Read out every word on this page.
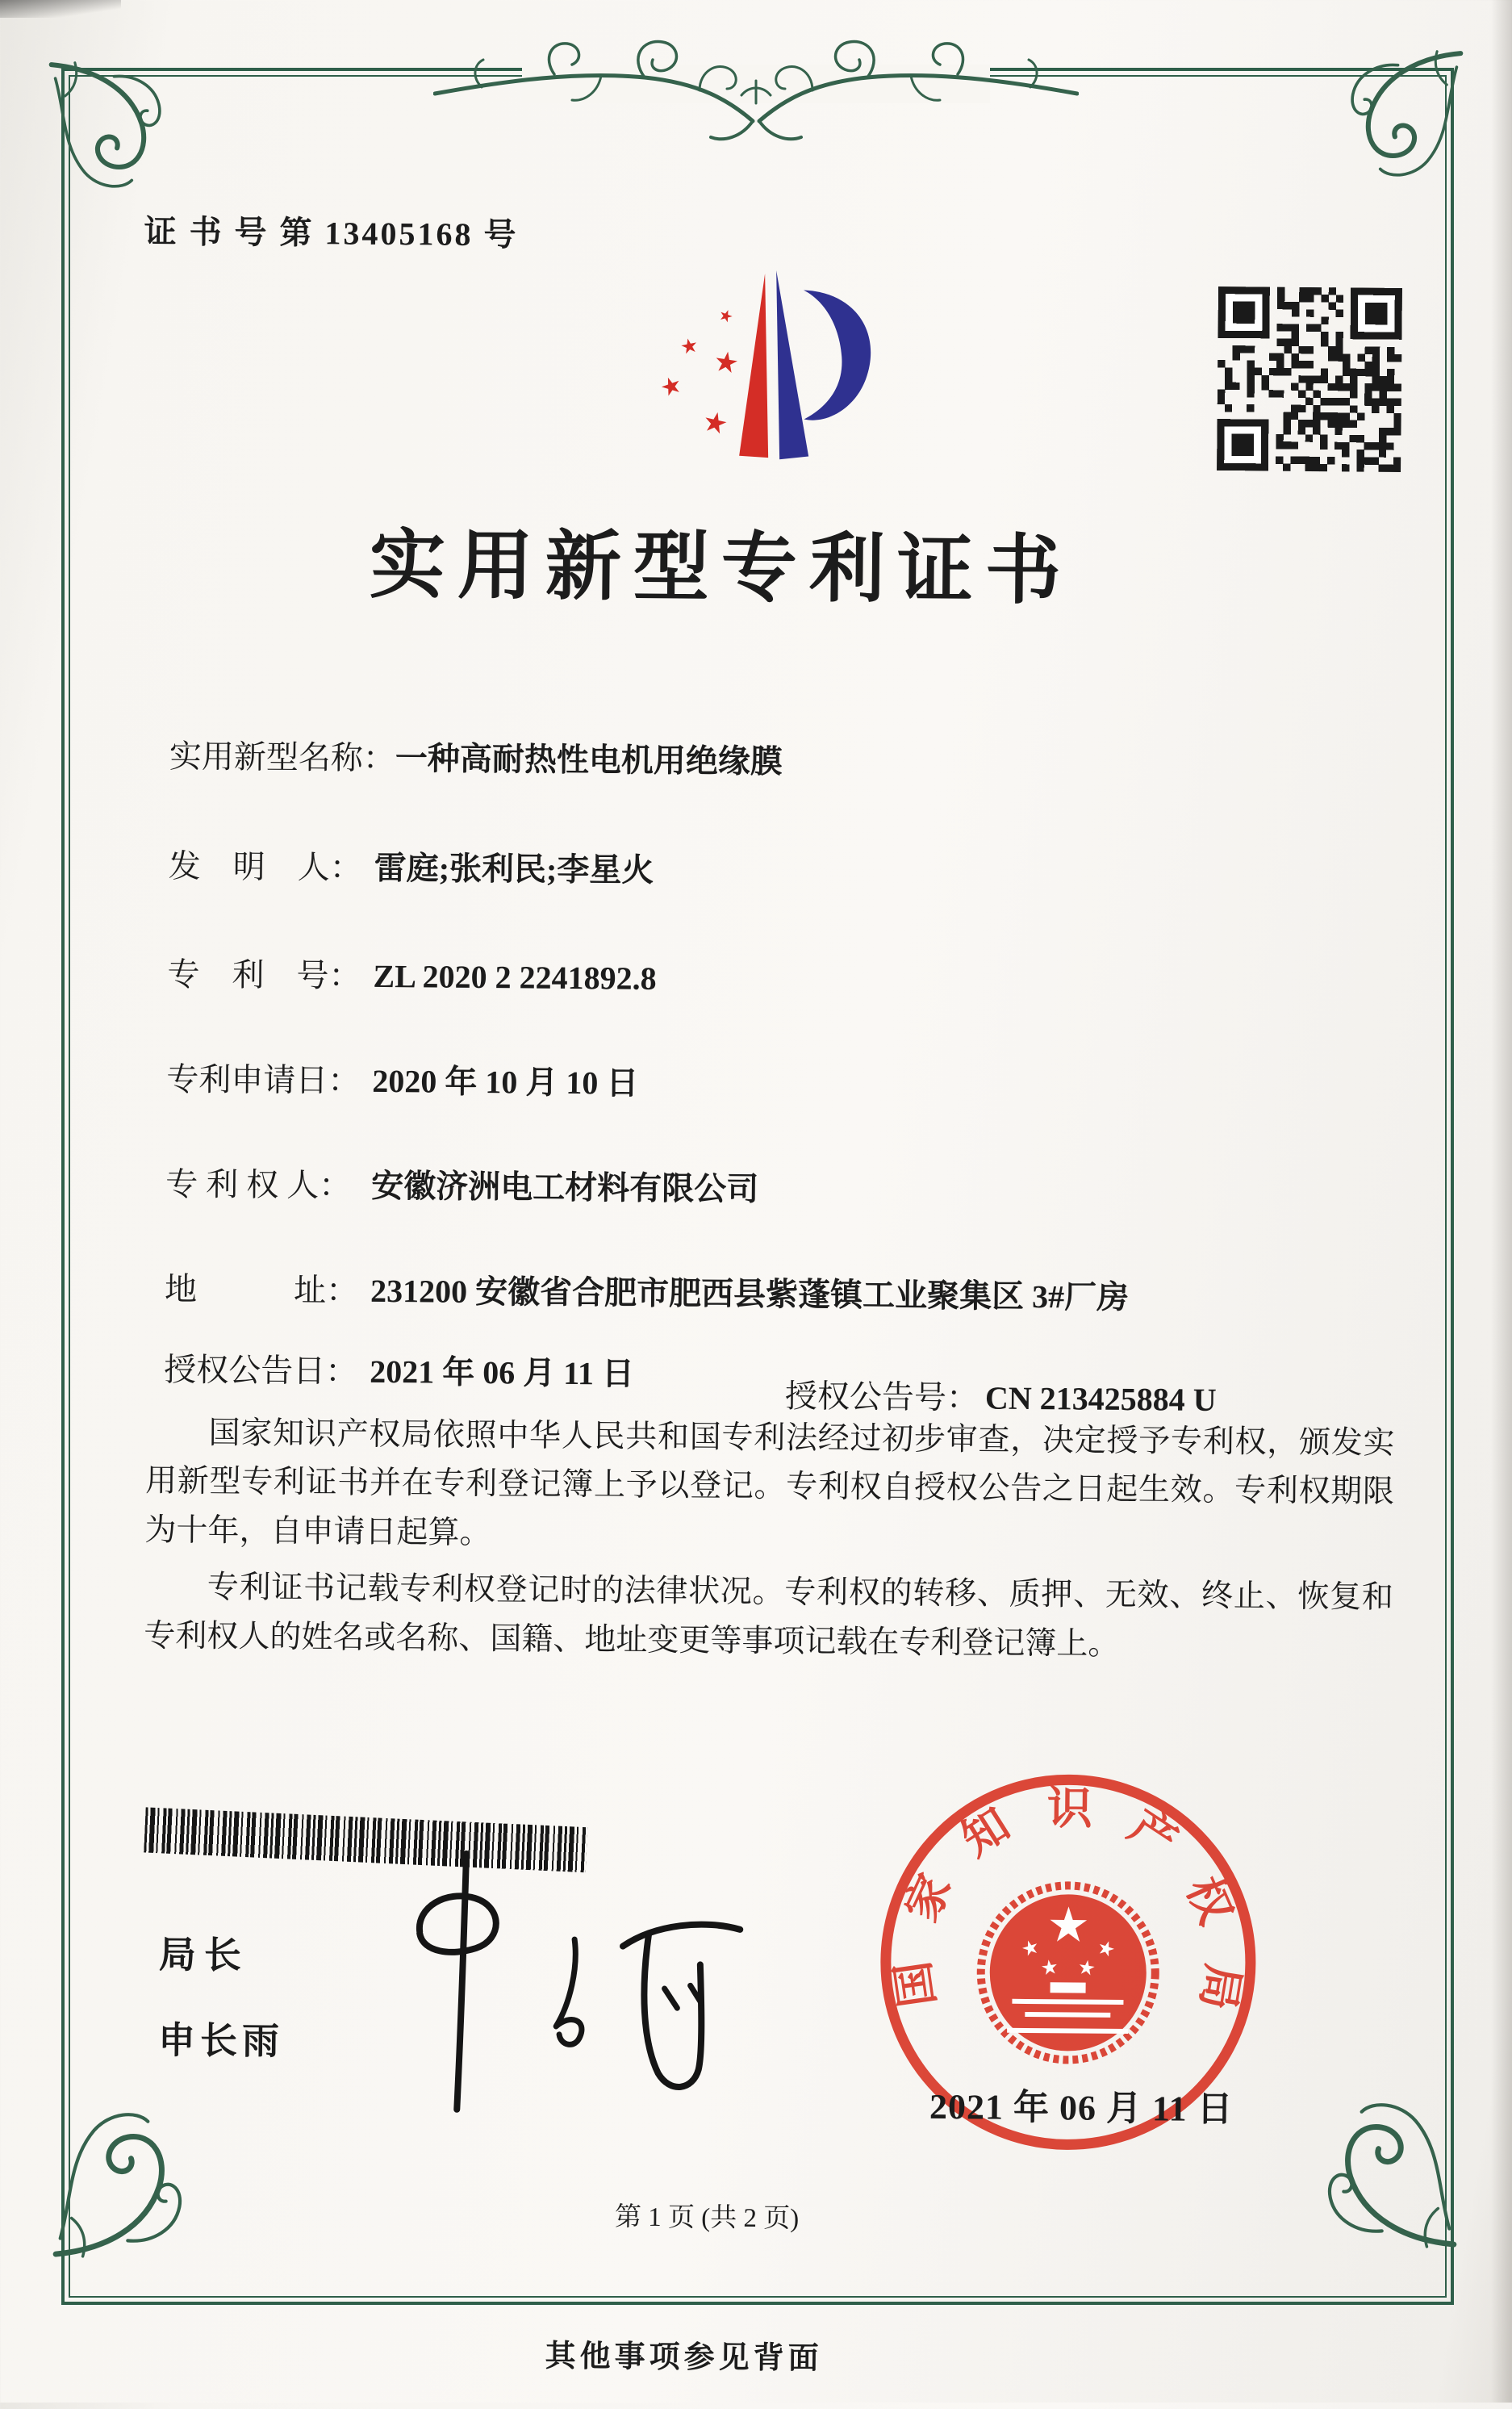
证 书 号 第 13405168 号
实用新型专利证书
实用新型名称：一种高耐热性电机用绝缘膜
发　明　人： 雷庭;张利民;李星火
专　利　号： ZL 2020 2 2241892.8
专利申请日： 2020 年 10 月 10 日
专 利 权 人： 安徽济洲电工材料有限公司
地　　　址： 231200 安徽省合肥市肥西县紫蓬镇工业聚集区 3#厂房
授权公告日： 2021 年 06 月 11 日
授权公告号： CN 213425884 U

国家知识产权局依照中华人民共和国专利法经过初步审查，决定授予专利权，颁发实用新型专利证书并在专利登记簿上予以登记。专利权自授权公告之日起生效。专利权期限为十年，自申请日起算。

专利证书记载专利权登记时的法律状况。专利权的转移、质押、无效、终止、恢复和专利权人的姓名或名称、国籍、地址变更等事项记载在专利登记簿上。

局长
申长雨
国家知识产权局
2021 年 06 月 11 日
第 1 页 (共 2 页)
其他事项参见背面
